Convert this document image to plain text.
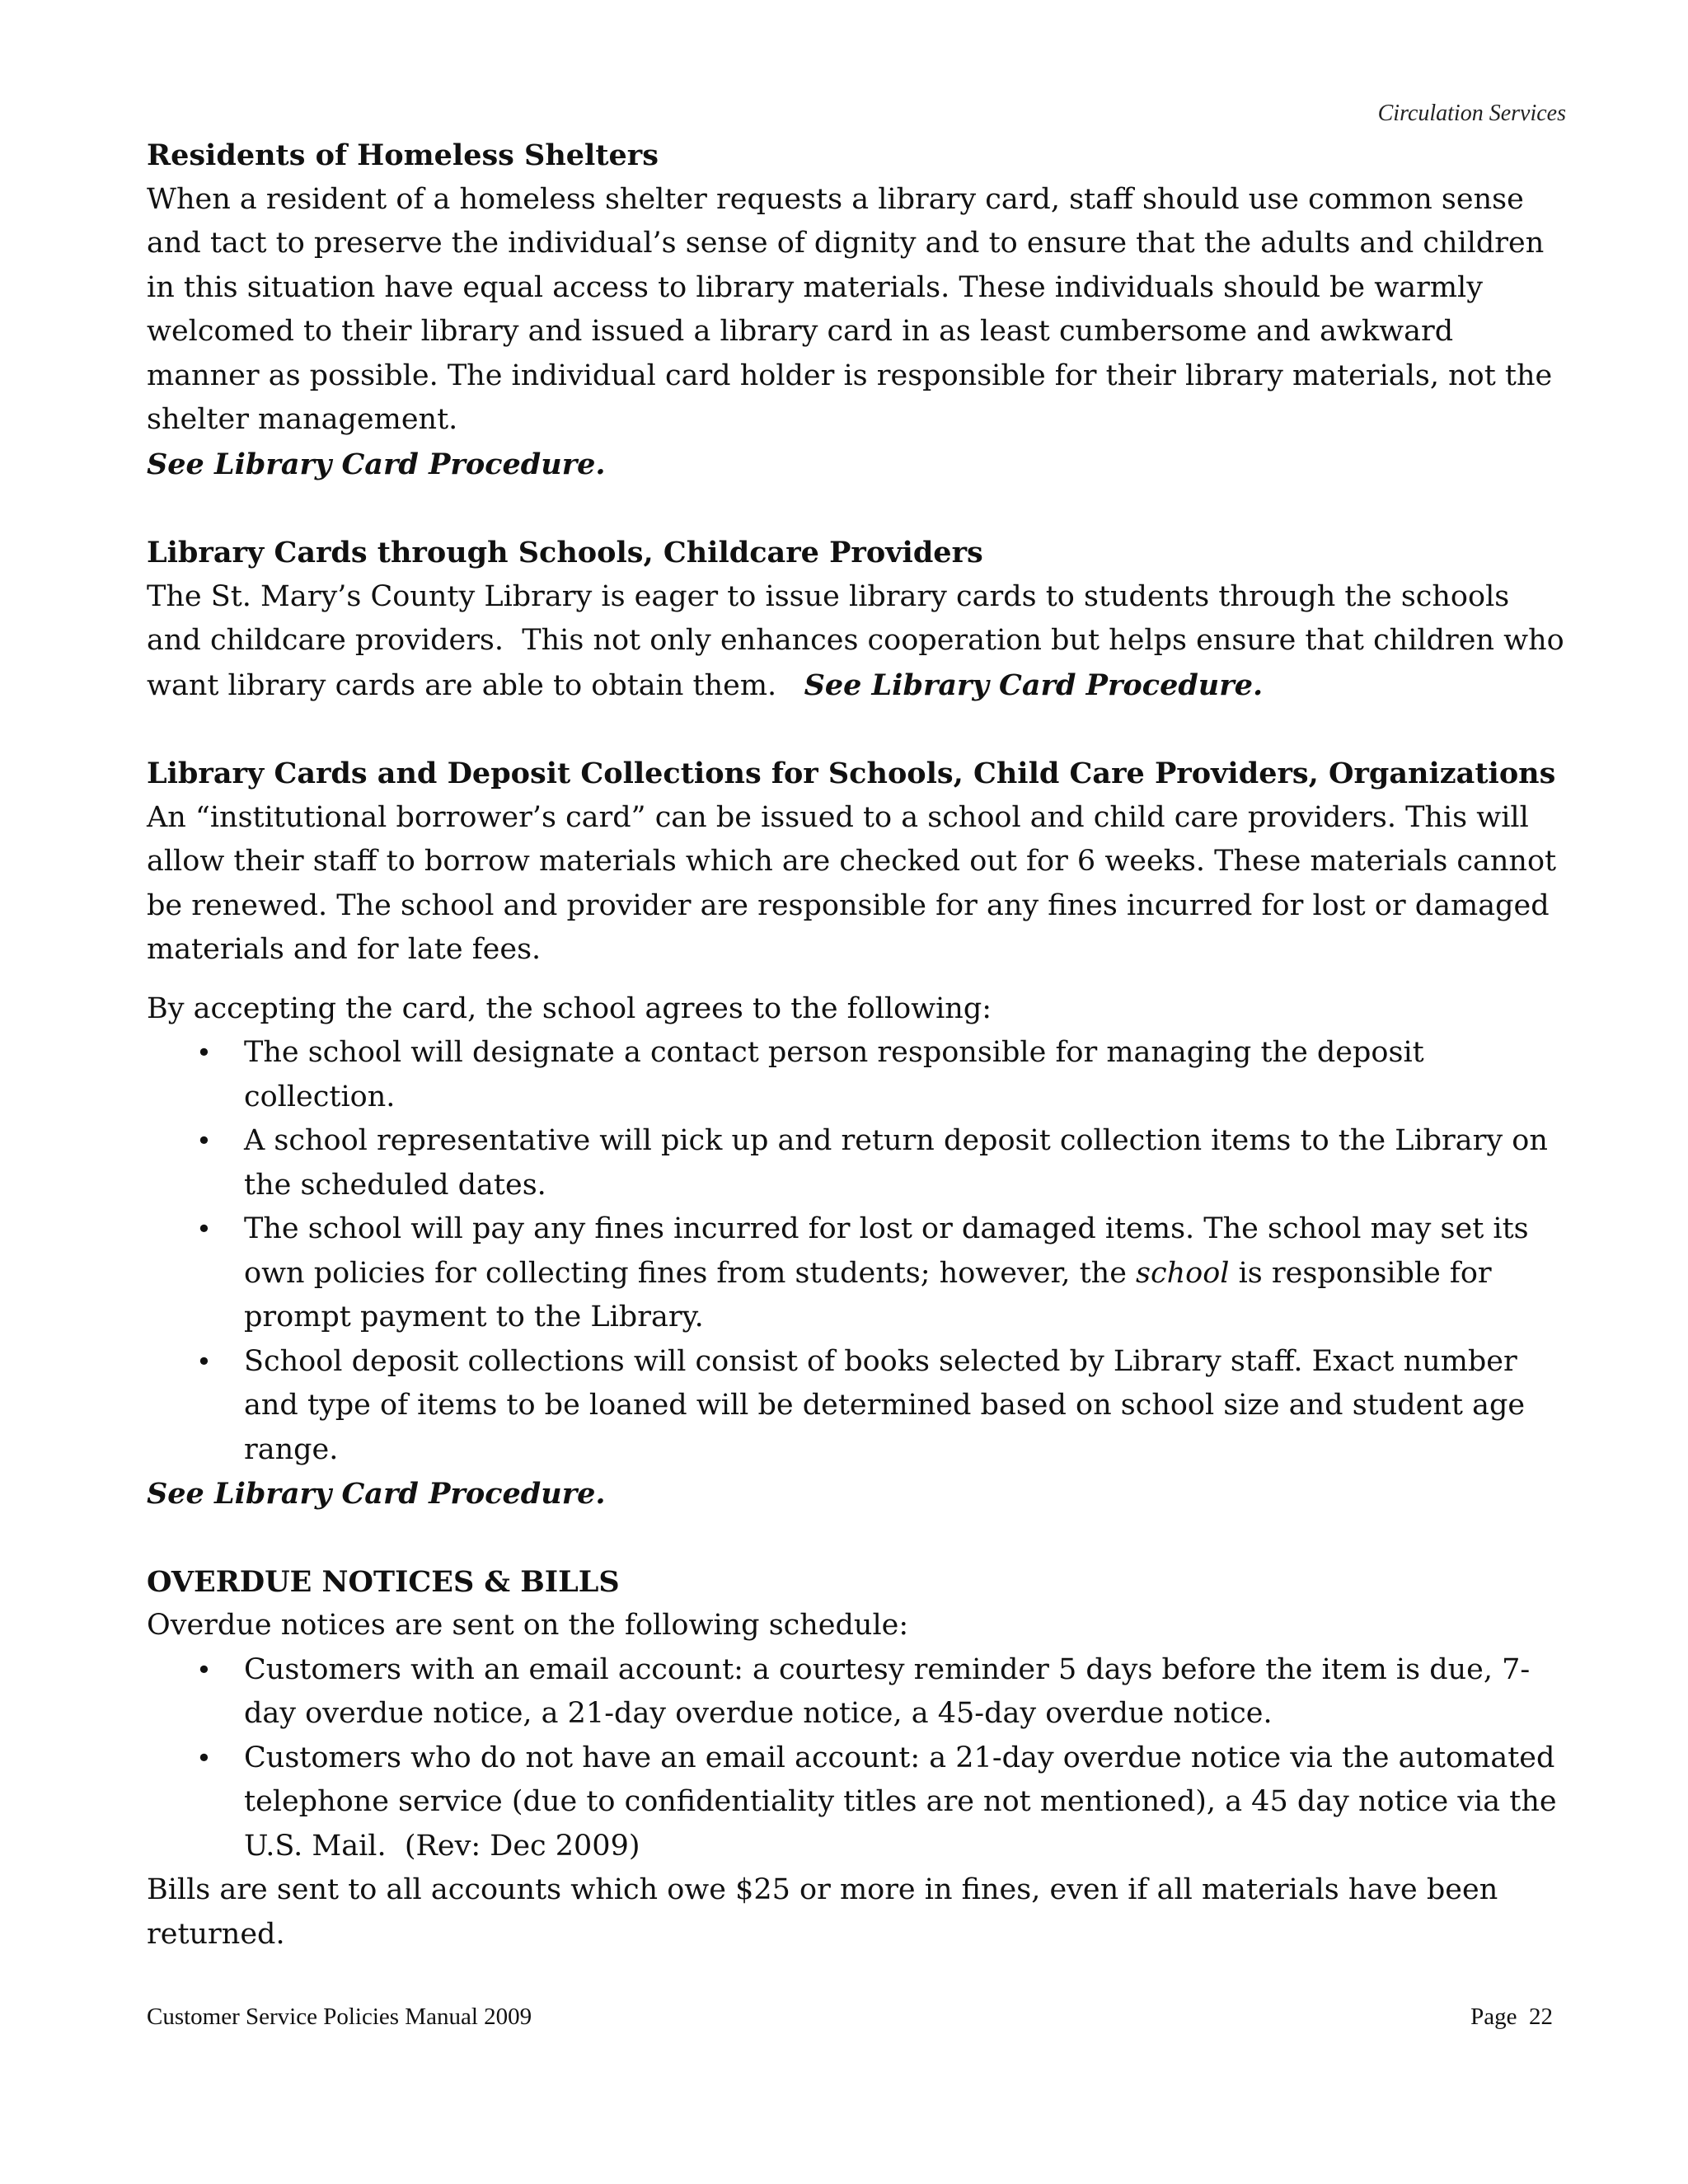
Circulation Services
Residents of Homeless Shelters

When a resident of a homeless shelter requests a library card, staff should use common sense and tact to preserve the individual’s sense of dignity and to ensure that the adults and children in this situation have equal access to library materials. These individuals should be warmly welcomed to their library and issued a library card in as least cumbersome and awkward manner as possible. The individual card holder is responsible for their library materials, not the shelter management.
See Library Card Procedure.

Library Cards through Schools, Childcare Providers

The St. Mary’s County Library is eager to issue library cards to students through the schools and childcare providers.  This not only enhances cooperation but helps ensure that children who want library cards are able to obtain them.   See Library Card Procedure.

Library Cards and Deposit Collections for Schools, Child Care Providers, Organizations

An “institutional borrower’s card” can be issued to a school and child care providers. This will allow their staff to borrow materials which are checked out for 6 weeks. These materials cannot be renewed. The school and provider are responsible for any fines incurred for lost or damaged materials and for late fees.

By accepting the card, the school agrees to the following:

• The school will designate a contact person responsible for managing the deposit collection.
• A school representative will pick up and return deposit collection items to the Library on the scheduled dates.
• The school will pay any fines incurred for lost or damaged items. The school may set its own policies for collecting fines from students; however, the school is responsible for prompt payment to the Library.
• School deposit collections will consist of books selected by Library staff. Exact number and type of items to be loaned will be determined based on school size and student age range.

See Library Card Procedure.

OVERDUE NOTICES & BILLS

Overdue notices are sent on the following schedule:

• Customers with an email account: a courtesy reminder 5 days before the item is due, 7-day overdue notice, a 21-day overdue notice, a 45-day overdue notice.
• Customers who do not have an email account: a 21-day overdue notice via the automated telephone service (due to confidentiality titles are not mentioned), a 45 day notice via the U.S. Mail.  (Rev: Dec 2009)

Bills are sent to all accounts which owe $25 or more in fines, even if all materials have been returned.

Customer Service Policies Manual 2009	Page  22
